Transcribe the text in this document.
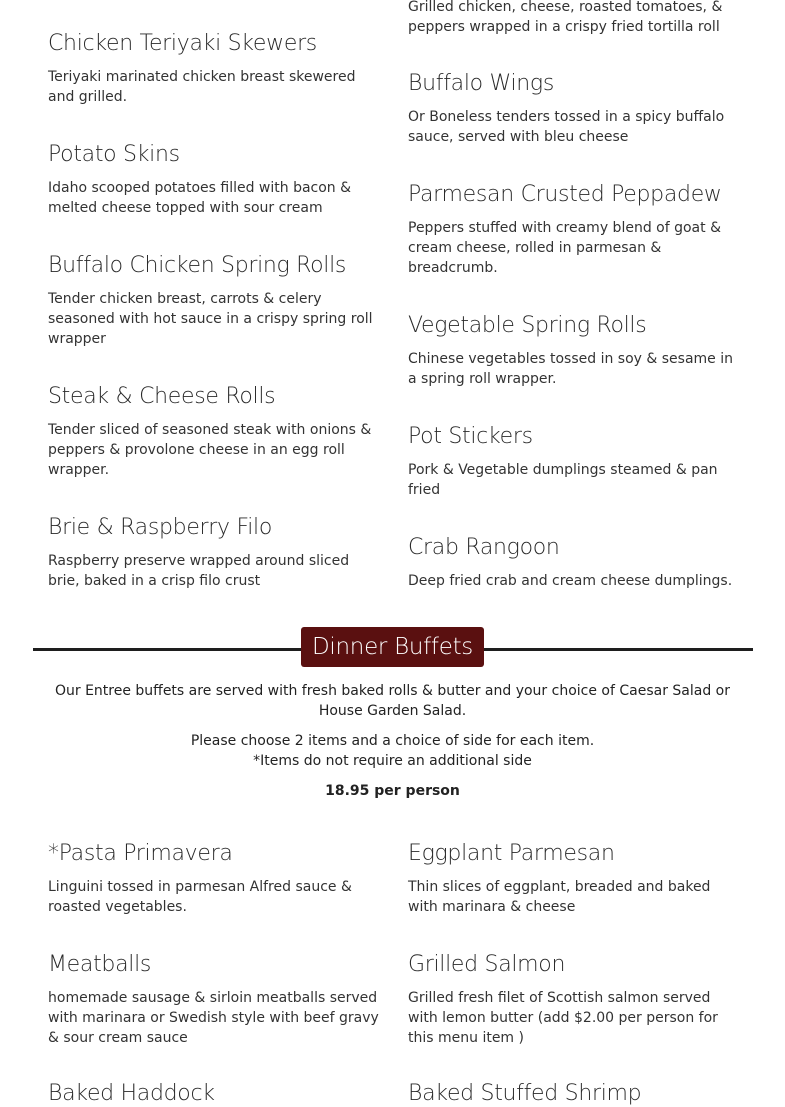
Grilled chicken, cheese, roasted tomatoes, & peppers wrapped in a crispy fried tortilla roll

Chicken Teriyaki Skewers

Teriyaki marinated chicken breast skewered and grilled.

Potato Skins

Idaho scooped potatoes filled with bacon & melted cheese topped with sour cream

Buffalo Chicken Spring Rolls

Tender chicken breast, carrots & celery seasoned with hot sauce in a crispy spring roll wrapper

Steak & Cheese Rolls

Tender sliced of seasoned steak with onions & peppers & provolone cheese in an egg roll wrapper.

Brie & Raspberry Filo

Raspberry preserve wrapped around sliced brie, baked in a crisp filo crust

Buffalo Wings

Or Boneless tenders tossed in a spicy buffalo sauce, served with bleu cheese

Parmesan Crusted Peppadew

Peppers stuffed with creamy blend of goat & cream cheese, rolled in parmesan & breadcrumb.

Vegetable Spring Rolls

Chinese vegetables tossed in soy & sesame in a spring roll wrapper.

Pot Stickers

Pork & Vegetable dumplings steamed & pan fried

Crab Rangoon

Deep fried crab and cream cheese dumplings.

Dinner Buffets

Our Entree buffets are served with fresh baked rolls & butter and your choice of Caesar Salad or House Garden Salad.

Please choose 2 items and a choice of side for each item.

*Items do not require an additional side

18.95 per person

*Pasta Primavera

Linguini tossed in parmesan Alfred sauce & roasted vegetables.

Meatballs

homemade sausage & sirloin meatballs served with marinara or Swedish style with beef gravy & sour cream sauce

Baked Haddock
Eggplant Parmesan

Thin slices of eggplant, breaded and baked with marinara & cheese

Grilled Salmon

Grilled fresh filet of Scottish salmon served with lemon butter (add $2.00 per person for this menu item )

Baked Stuffed Shrimp
